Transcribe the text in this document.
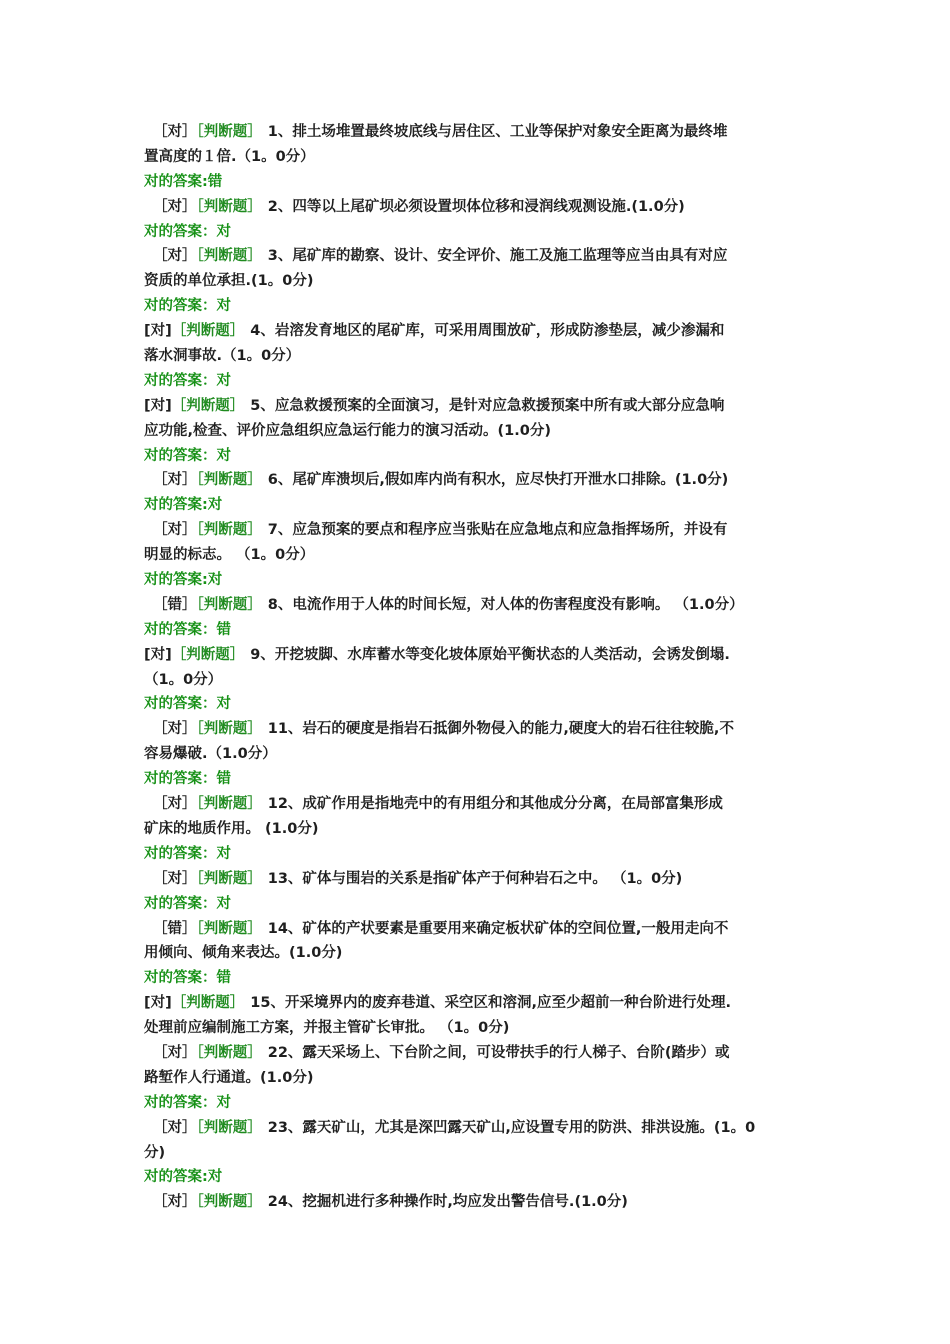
［对］［判断题］ 1、排土场堆置最终坡底线与居住区、工业等保护对象安全距离为最终堆
置高度的１倍.（1。0分）
对的答案:错
［对］［判断题］ 2、四等以上尾矿坝必须设置坝体位移和浸润线观测设施.(1.0分)
对的答案：对
［对］［判断题］ 3、尾矿库的勘察、设计、安全评价、施工及施工监理等应当由具有对应
资质的单位承担.(1。0分)
对的答案：对
[对]［判断题］ 4、岩溶发育地区的尾矿库，可采用周围放矿，形成防渗垫层，减少渗漏和
落水洞事故.（1。0分）
对的答案：对
[对]［判断题］ 5、应急救援预案的全面演习，是针对应急救援预案中所有或大部分应急响
应功能,检查、评价应急组织应急运行能力的演习活动。(1.0分)
对的答案：对
［对］［判断题］ 6、尾矿库溃坝后,假如库内尚有积水，应尽快打开泄水口排除。(1.0分)
对的答案:对
［对］［判断题］ 7、应急预案的要点和程序应当张贴在应急地点和应急指挥场所，并设有
明显的标志。 （1。0分）
对的答案:对
［错］［判断题］ 8、电流作用于人体的时间长短，对人体的伤害程度没有影响。 （1.0分）
对的答案：错
[对]［判断题］ 9、开挖坡脚、水库蓄水等变化坡体原始平衡状态的人类活动，会诱发倒塌.
（1。0分）
对的答案：对
［对］［判断题］ 11、岩石的硬度是指岩石抵御外物侵入的能力,硬度大的岩石往往较脆,不
容易爆破.（1.0分）
对的答案：错
［对］［判断题］ 12、成矿作用是指地壳中的有用组分和其他成分分离，在局部富集形成
矿床的地质作用。 (1.0分)
对的答案：对
［对］［判断题］ 13、矿体与围岩的关系是指矿体产于何种岩石之中。 （1。0分)
对的答案：对
［错］［判断题］ 14、矿体的产状要素是重要用来确定板状矿体的空间位置,一般用走向不
用倾向、倾角来表达。(1.0分)
对的答案：错
[对]［判断题］ 15、开采境界内的废弃巷道、采空区和溶洞,应至少超前一种台阶进行处理.
处理前应编制施工方案，并报主管矿长审批。 （1。0分)
［对］［判断题］ 22、露天采场上、下台阶之间，可设带扶手的行人梯子、台阶(踏步）或
路堑作人行通道。(1.0分)
对的答案：对
［对］［判断题］ 23、露天矿山，尤其是深凹露天矿山,应设置专用的防洪、排洪设施。(1。0
分)
对的答案:对
［对］［判断题］ 24、挖掘机进行多种操作时,均应发出警告信号.(1.0分)
